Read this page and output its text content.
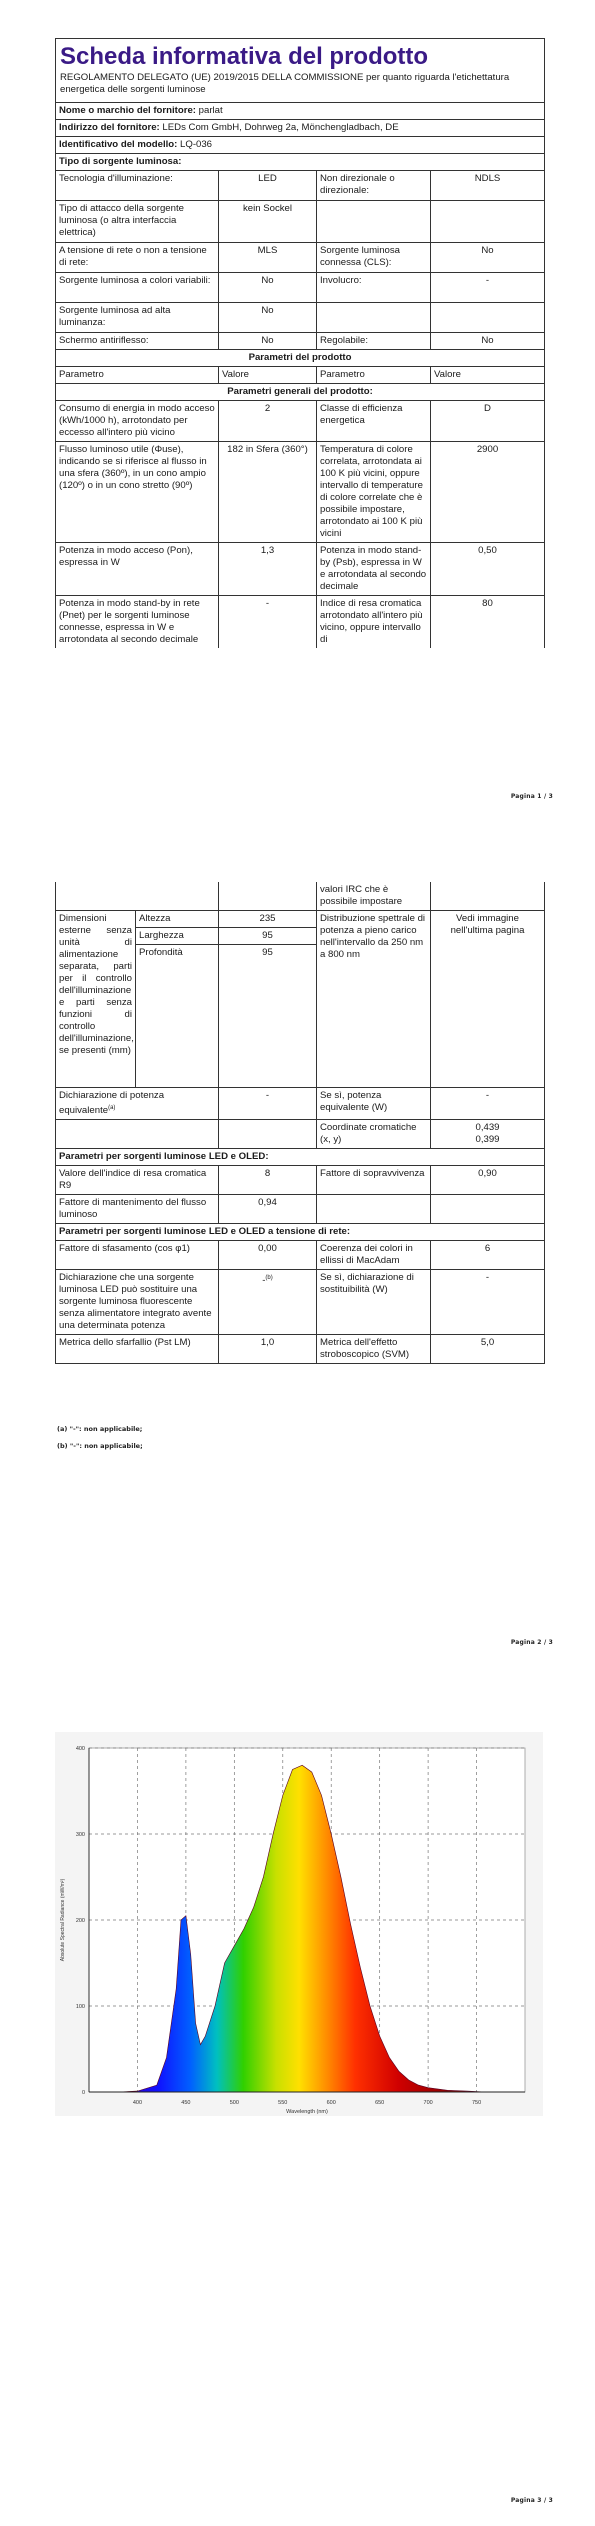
Scheda informativa del prodotto
REGOLAMENTO DELEGATO (UE) 2019/2015 DELLA COMMISSIONE per quanto riguarda l'etichettatura energetica delle sorgenti luminose			

Nome o marchio del fornitore: parlat			
Indirizzo del fornitore: LEDs Com GmbH, Dohrweg 2a, Mönchengladbach, DE			
Identificativo del modello: LQ-036			
Tipo di sorgente luminosa:			
Tecnologia d'illuminazione:	LED	Non direzionale o direzionale:	NDLS
Tipo di attacco della sorgente luminosa (o altra interfaccia elettrica)	kein Sockel		
A tensione di rete o non a tensione di rete:	MLS	Sorgente luminosa connessa (CLS):	No
Sorgente luminosa a colori variabili:	No	Involucro:	-
Sorgente luminosa ad alta luminanza:	No		
Schermo antiriflesso:	No	Regolabile:	No
Parametri del prodotto			
Parametro	Valore	Parametro	Valore
Parametri generali del prodotto:			
Consumo di energia in modo acceso (kWh/1000 h), arrotondato per eccesso all'intero più vicino	2	Classe di efficienza energetica	D
Flusso luminoso utile (Φuse), indicando se si riferisce al flusso in una sfera (360º), in un cono ampio (120º) o in un cono stretto (90º)	182 in Sfera (360°)	Temperatura di colore correlata, arrotondata ai 100 K più vicini, oppure intervallo di temperature di colore correlate che è possibile impostare, arrotondato ai 100 K più vicini	2900
Potenza in modo acceso (Pon), espressa in W	1,3	Potenza in modo stand-by (Psb), espressa in W e arrotondata al secondo decimale	0,50
Potenza in modo stand-by in rete (Pnet) per le sorgenti luminose connesse, espressa in W e arrotondata al secondo decimale	-	Indice di resa cromatica arrotondato all'intero più vicino, oppure intervallo di	80
Pagina 1 / 3
			valori IRC che è possibile impostare	
Dimensioni esterne senza unità di alimentazione separata, parti per il controllo dell'illuminazione e parti senza funzioni di controllo dell'illuminazione, se presenti (mm)	Altezza	235	Distribuzione spettrale di potenza a pieno carico nell'intervallo da 250 nm a 800 nm	Vedi immagine nell'ultima pagina
	Larghezza	95		
	Profondità	95		
Dichiarazione di potenza equivalente$^{(a)}$		-	Se sì, potenza equivalente (W)	-
			Coordinate cromatiche (x, y)	0,439
0,399

Parametri per sorgenti luminose LED e OLED:				
Valore dell'indice di resa cromatica R9		8	Fattore di sopravvivenza	0,90
Fattore di mantenimento del flusso luminoso		0,94		
Parametri per sorgenti luminose LED e OLED a tensione di rete:				
Fattore di sfasamento (cos φ1)		0,00	Coerenza dei colori in ellissi di MacAdam	6
Dichiarazione che una sorgente luminosa LED può sostituire una sorgente luminosa fluorescente senza alimentatore integrato avente una determinata potenza		-$^{(b)}$	Se sì, dichiarazione di sostituibilità (W)	-
Metrica dello sfarfallio (Pst LM)		1,0	Metrica dell'effetto stroboscopico (SVM)	5,0
(a) "-": non applicabile;
(b) "-": non applicabile;
Pagina 2 / 3
Pagina 3 / 3
400	450	500	550	600	650	700	750
0
100
200
300
400
Wavelength (nm)
Absolute Spectral Radiance (mW/m²)
